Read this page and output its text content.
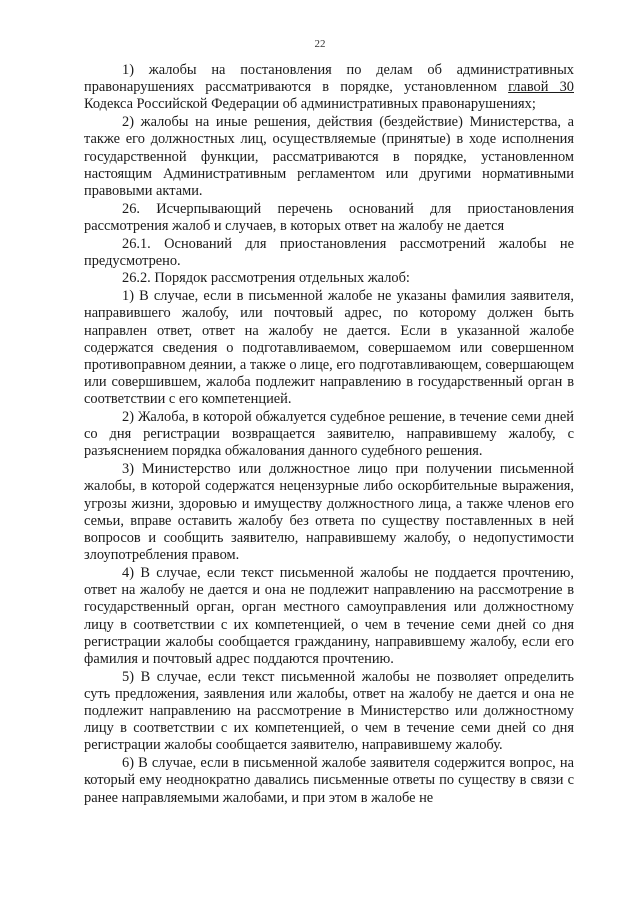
22

1) жалобы на постановления по делам об административных правонарушениях рассматриваются в порядке, установленном главой 30 Кодекса Российской Федерации об административных правонарушениях;

2) жалобы на иные решения, действия (бездействие) Министерства, а также его должностных лиц, осуществляемые (принятые) в ходе исполнения государственной функции, рассматриваются в порядке, установленном настоящим Административным регламентом или другими нормативными правовыми актами.

26. Исчерпывающий перечень оснований для приостановления рассмотрения жалоб и случаев, в которых ответ на жалобу не дается

26.1. Оснований для приостановления рассмотрений жалобы не предусмотрено.

26.2. Порядок рассмотрения отдельных жалоб:

1) В случае, если в письменной жалобе не указаны фамилия заявителя, направившего жалобу, или почтовый адрес, по которому должен быть направлен ответ, ответ на жалобу не дается. Если в указанной жалобе содержатся сведения о подготавливаемом, совершаемом или совершенном противоправном деянии, а также о лице, его подготавливающем, совершающем или совершившем, жалоба подлежит направлению в государственный орган в соответствии с его компетенцией.

2) Жалоба, в которой обжалуется судебное решение, в течение семи дней со дня регистрации возвращается заявителю, направившему жалобу, с разъяснением порядка обжалования данного судебного решения.

3) Министерство или должностное лицо при получении письменной жалобы, в которой содержатся нецензурные либо оскорбительные выражения, угрозы жизни, здоровью и имуществу должностного лица, а также членов его семьи, вправе оставить жалобу без ответа по существу поставленных в ней вопросов и сообщить заявителю, направившему жалобу, о недопустимости злоупотребления правом.

4) В случае, если текст письменной жалобы не поддается прочтению, ответ на жалобу не дается и она не подлежит направлению на рассмотрение в государственный орган, орган местного самоуправления или должностному лицу в соответствии с их компетенцией, о чем в течение семи дней со дня регистрации жалобы сообщается гражданину, направившему жалобу, если его фамилия и почтовый адрес поддаются прочтению.

5) В случае, если текст письменной жалобы не позволяет определить суть предложения, заявления или жалобы, ответ на жалобу не дается и она не подлежит направлению на рассмотрение в Министерство или должностному лицу в соответствии с их компетенцией, о чем в течение семи дней со дня регистрации жалобы сообщается заявителю, направившему жалобу.

6) В случае, если в письменной жалобе заявителя содержится вопрос, на который ему неоднократно давались письменные ответы по существу в связи с ранее направляемыми жалобами, и при этом в жалобе не
